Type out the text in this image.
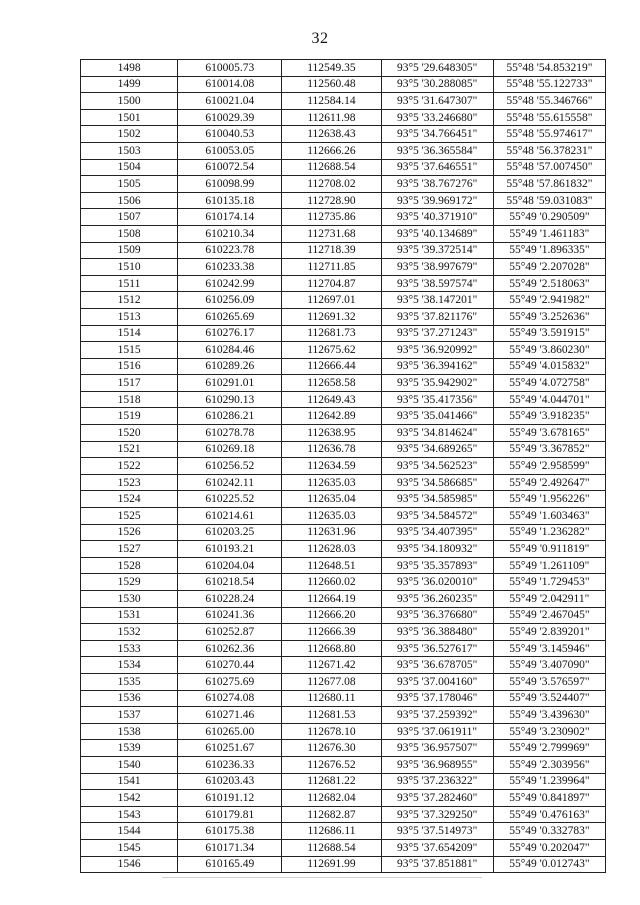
32
1498	610005.73	112549.35	93°5 '29.648305"	55°48 '54.853219"
1499	610014.08	112560.48	93°5 '30.288085"	55°48 '55.122733"
1500	610021.04	112584.14	93°5 '31.647307"	55°48 '55.346766"
1501	610029.39	112611.98	93°5 '33.246680"	55°48 '55.615558"
1502	610040.53	112638.43	93°5 '34.766451"	55°48 '55.974617"
1503	610053.05	112666.26	93°5 '36.365584"	55°48 '56.378231"
1504	610072.54	112688.54	93°5 '37.646551"	55°48 '57.007450"
1505	610098.99	112708.02	93°5 '38.767276"	55°48 '57.861832"
1506	610135.18	112728.90	93°5 '39.969172"	55°48 '59.031083"
1507	610174.14	112735.86	93°5 '40.371910"	55°49 '0.290509"
1508	610210.34	112731.68	93°5 '40.134689"	55°49 '1.461183"
1509	610223.78	112718.39	93°5 '39.372514"	55°49 '1.896335"
1510	610233.38	112711.85	93°5 '38.997679"	55°49 '2.207028"
1511	610242.99	112704.87	93°5 '38.597574"	55°49 '2.518063"
1512	610256.09	112697.01	93°5 '38.147201"	55°49 '2.941982"
1513	610265.69	112691.32	93°5 '37.821176"	55°49 '3.252636"
1514	610276.17	112681.73	93°5 '37.271243"	55°49 '3.591915"
1515	610284.46	112675.62	93°5 '36.920992"	55°49 '3.860230"
1516	610289.26	112666.44	93°5 '36.394162"	55°49 '4.015832"
1517	610291.01	112658.58	93°5 '35.942902"	55°49 '4.072758"
1518	610290.13	112649.43	93°5 '35.417356"	55°49 '4.044701"
1519	610286.21	112642.89	93°5 '35.041466"	55°49 '3.918235"
1520	610278.78	112638.95	93°5 '34.814624"	55°49 '3.678165"
1521	610269.18	112636.78	93°5 '34.689265"	55°49 '3.367852"
1522	610256.52	112634.59	93°5 '34.562523"	55°49 '2.958599"
1523	610242.11	112635.03	93°5 '34.586685"	55°49 '2.492647"
1524	610225.52	112635.04	93°5 '34.585985"	55°49 '1.956226"
1525	610214.61	112635.03	93°5 '34.584572"	55°49 '1.603463"
1526	610203.25	112631.96	93°5 '34.407395"	55°49 '1.236282"
1527	610193.21	112628.03	93°5 '34.180932"	55°49 '0.911819"
1528	610204.04	112648.51	93°5 '35.357893"	55°49 '1.261109"
1529	610218.54	112660.02	93°5 '36.020010"	55°49 '1.729453"
1530	610228.24	112664.19	93°5 '36.260235"	55°49 '2.042911"
1531	610241.36	112666.20	93°5 '36.376680"	55°49 '2.467045"
1532	610252.87	112666.39	93°5 '36.388480"	55°49 '2.839201"
1533	610262.36	112668.80	93°5 '36.527617"	55°49 '3.145946"
1534	610270.44	112671.42	93°5 '36.678705"	55°49 '3.407090"
1535	610275.69	112677.08	93°5 '37.004160"	55°49 '3.576597"
1536	610274.08	112680.11	93°5 '37.178046"	55°49 '3.524407"
1537	610271.46	112681.53	93°5 '37.259392"	55°49 '3.439630"
1538	610265.00	112678.10	93°5 '37.061911"	55°49 '3.230902"
1539	610251.67	112676.30	93°5 '36.957507"	55°49 '2.799969"
1540	610236.33	112676.52	93°5 '36.968955"	55°49 '2.303956"
1541	610203.43	112681.22	93°5 '37.236322"	55°49 '1.239964"
1542	610191.12	112682.04	93°5 '37.282460"	55°49 '0.841897"
1543	610179.81	112682.87	93°5 '37.329250"	55°49 '0.476163"
1544	610175.38	112686.11	93°5 '37.514973"	55°49 '0.332783"
1545	610171.34	112688.54	93°5 '37.654209"	55°49 '0.202047"
1546	610165.49	112691.99	93°5 '37.851881"	55°49 '0.012743"
